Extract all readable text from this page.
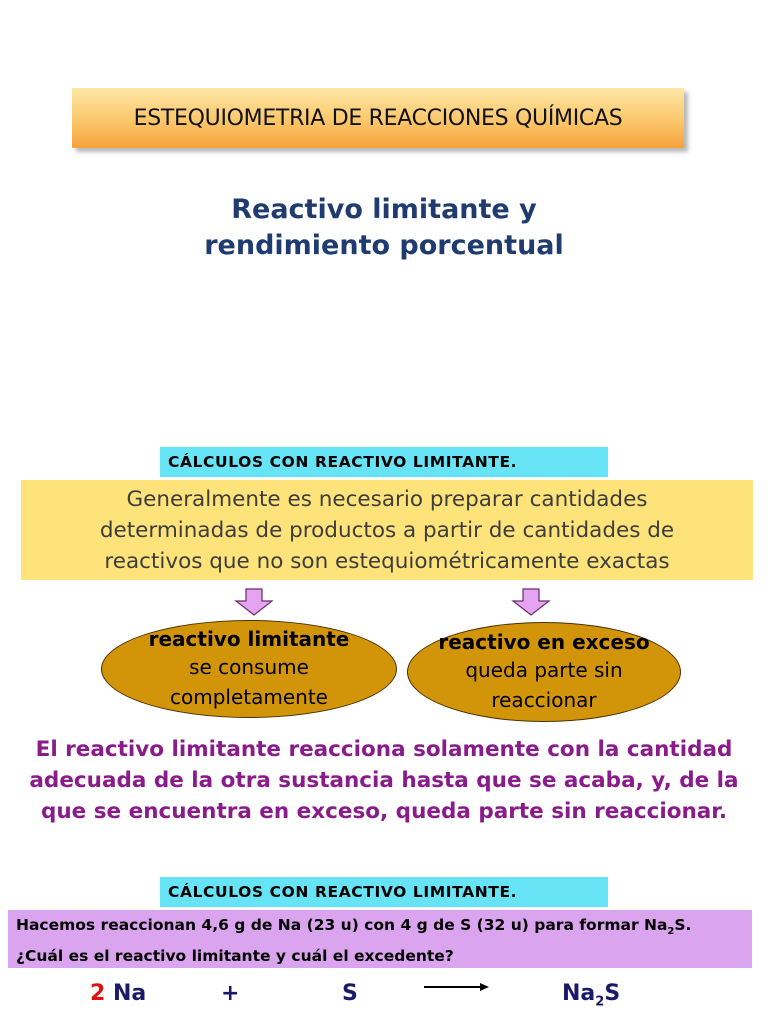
ESTEQUIOMETRIA DE REACCIONES QUÍMICAS
Reactivo limitante y
rendimiento porcentual
CÁLCULOS CON REACTIVO LIMITANTE.
Generalmente es necesario preparar cantidades
determinadas de productos a partir de cantidades de
reactivos que no son estequiométricamente exactas
reactivo limitante
se consume
completamente
reactivo en exceso
queda parte sin
reaccionar
El reactivo limitante reacciona solamente con la cantidad
adecuada de la otra sustancia hasta que se acaba, y, de la
que se encuentra en exceso, queda parte sin reaccionar.
CÁLCULOS CON REACTIVO LIMITANTE.
Hacemos reaccionan 4,6 g de Na (23 u) con 4 g de S (32 u) para formar $Na_2S$.
¿Cuál es el reactivo limitante y cuál el excedente?
2 Na	+	S	$Na_2S$
